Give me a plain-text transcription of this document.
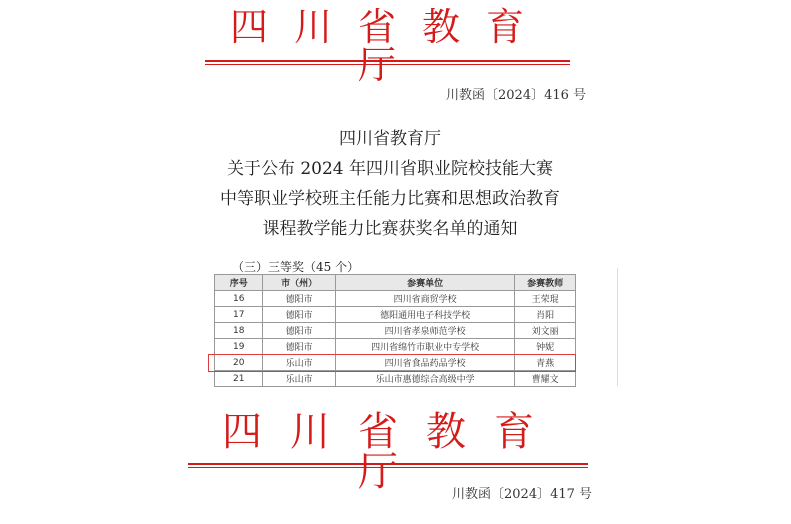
四川省教育厅
川教函〔2024〕416 号
四川省教育厅
关于公布 2024 年四川省职业院校技能大赛
中等职业学校班主任能力比赛和思想政治教育
课程教学能力比赛获奖名单的通知
（三）三等奖（45 个）
序号	市（州）	参赛单位	参赛教师
16	德阳市	四川省商贸学校	王荣琨
17	德阳市	德阳通用电子科技学校	肖阳
18	德阳市	四川省孝泉师范学校	刘文丽
19	德阳市	四川省绵竹市职业中专学校	钟妮
20	乐山市	四川省食品药品学校	青燕
21	乐山市	乐山市惠德综合高级中学	曹耀文
四川省教育厅	川教函〔2024〕417 号
